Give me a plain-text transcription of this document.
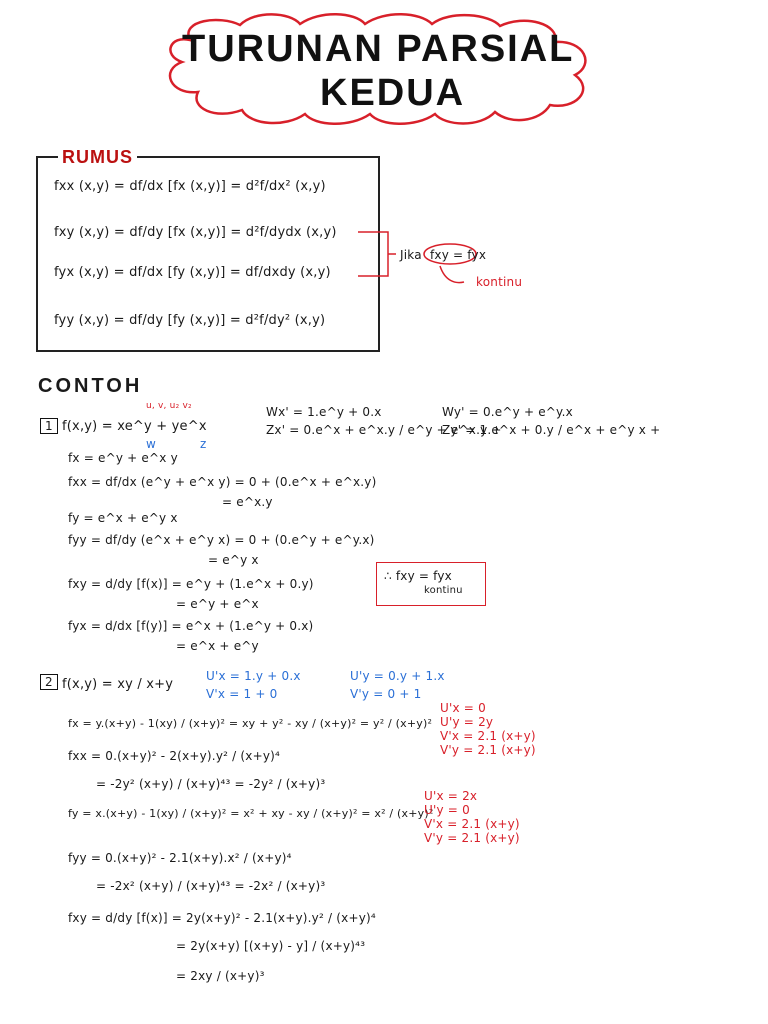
TURUNAN PARSIAL
KEDUA
RUMUS
fxx (x,y) = df/dx [fx (x,y)] = d²f/dx² (x,y)
fxy (x,y) = df/dy [fx (x,y)] = d²f/dydx (x,y)
fyx (x,y) = df/dx [fy (x,y)] = df/dxdy (x,y)
fyy (x,y) = df/dy [fy (x,y)] = d²f/dy² (x,y)
Jika fxy = fyx
kontinu
CONTOH
1 f(x,y) = xe^y + ye^x
u, v, u₂ v₂
w	z
Wx' = 1.e^y + 0.x
Zx' = 0.e^x + e^x.y / e^y + e^x.y +
Wy' = 0.e^y + e^y.x
Zy' = 1.e^x + 0.y / e^x + e^y x +
fx = e^y + e^x y
fxx = df/dx (e^y + e^x y) = 0 + (0.e^x + e^x.y)
= e^x.y
fy = e^x + e^y x
fyy = df/dy (e^x + e^y x) = 0 + (0.e^y + e^y.x)
= e^y x
fxy = d/dy [f(x)] = e^y + (1.e^x + 0.y)
= e^y + e^x
fyx = d/dx [f(y)] = e^x + (1.e^y + 0.x)
= e^x + e^y
∴ fxy = fyx
kontinu
2 f(x,y) = xy / x+y
U'x = 1.y + 0.x
V'x = 1 + 0
U'y = 0.y + 1.x
V'y = 0 + 1
fx = y.(x+y) - 1(xy) / (x+y)² = xy + y² - xy / (x+y)² = y² / (x+y)²
U'x = 0
U'y = 2y
V'x = 2.1 (x+y)
V'y = 2.1 (x+y)
fxx = 0.(x+y)² - 2(x+y).y² / (x+y)⁴
= -2y² (x+y) / (x+y)⁴³ = -2y² / (x+y)³
fy = x.(x+y) - 1(xy) / (x+y)² = x² + xy - xy / (x+y)² = x² / (x+y)²
U'x = 2x
U'y = 0
V'x = 2.1 (x+y)
V'y = 2.1 (x+y)
fyy = 0.(x+y)² - 2.1(x+y).x² / (x+y)⁴
= -2x² (x+y) / (x+y)⁴³ = -2x² / (x+y)³
fxy = d/dy [f(x)] = 2y(x+y)² - 2.1(x+y).y² / (x+y)⁴
= 2y(x+y) [(x+y) - y] / (x+y)⁴³
= 2xy / (x+y)³
